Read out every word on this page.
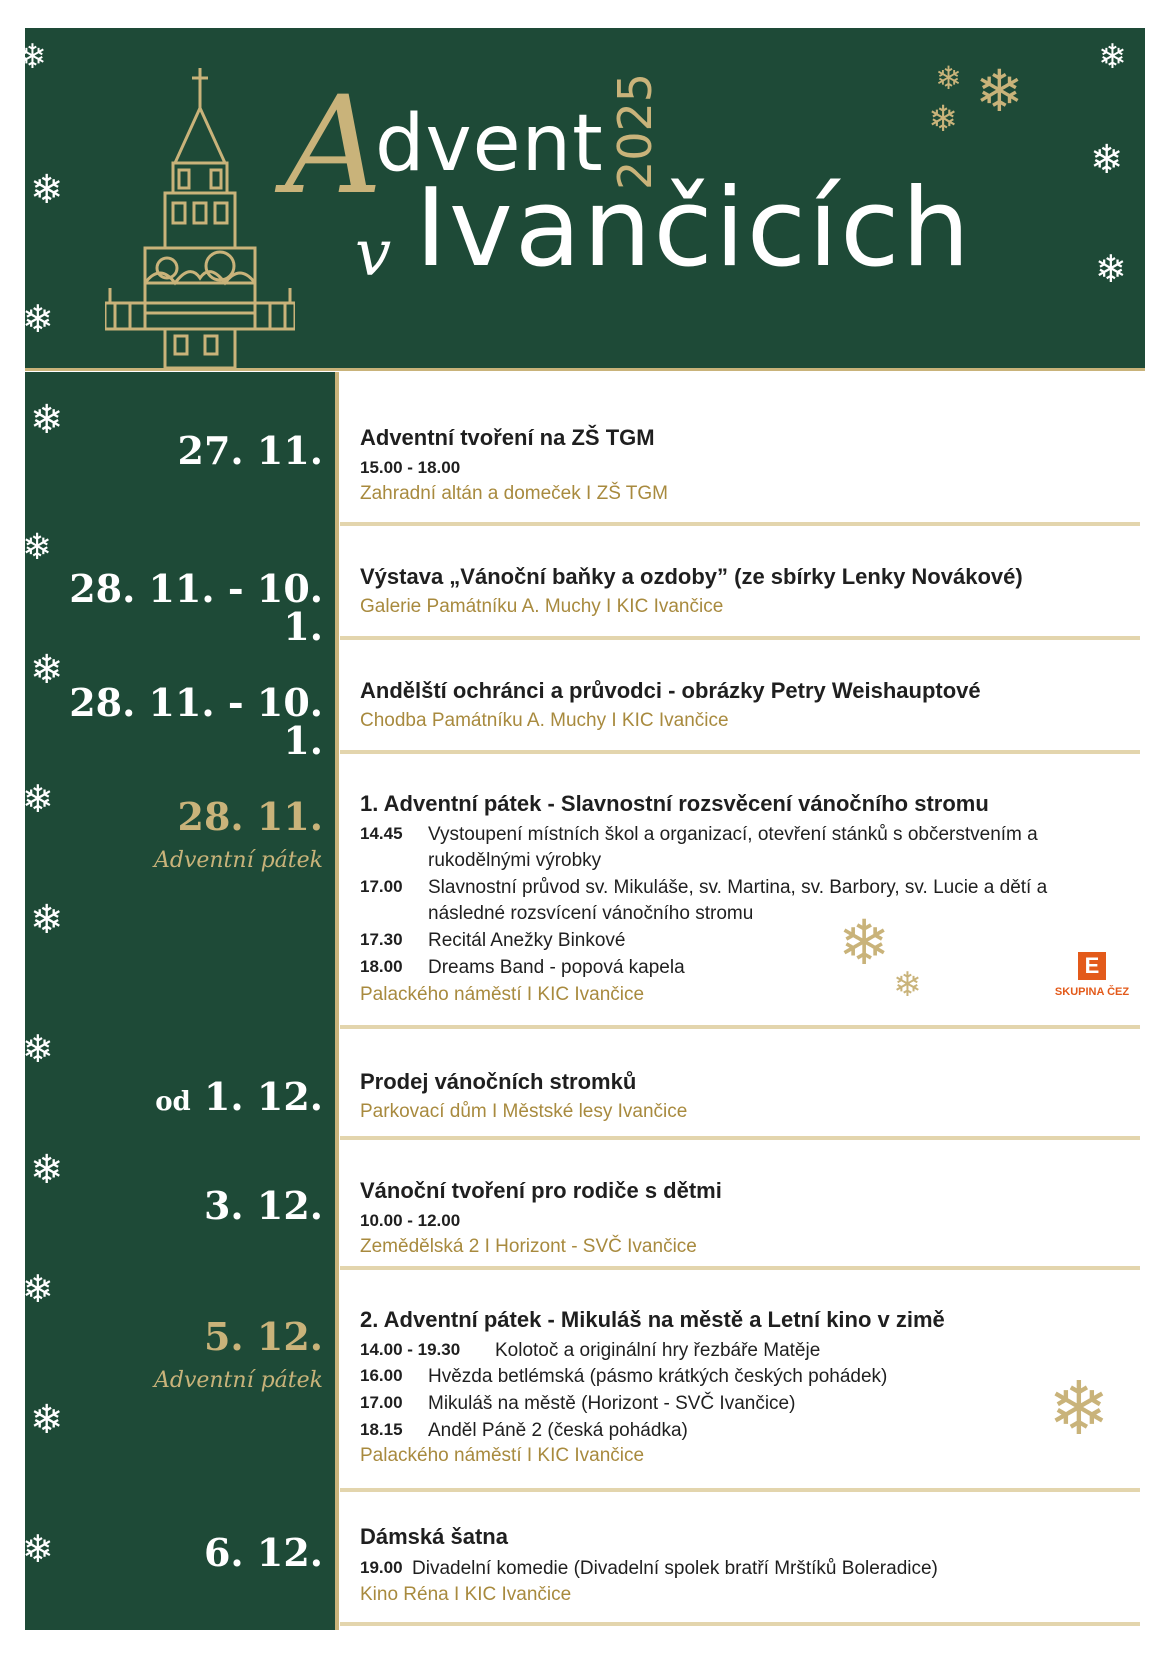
❄
❄
❄
❄
❄
❄
❄
❄
❄
❄
❄
❄
❄
❄
❄
❄
❄ ❄
❄
A
dvent 2025
v Ivančicích
27. 11. Adventní tvoření na ZŠ TGM
15.00 - 18.00
Zahradní altán a domeček I ZŠ TGM
28. 11. - 10. 1.
Výstava „Vánoční baňky a ozdoby” (ze sbírky Lenky Novákové)
Galerie Památníku A. Muchy I KIC Ivančice
28. 11. - 10. 1.
Andělští ochránci a průvodci - obrázky Petry Weishauptové
Chodba Památníku A. Muchy I KIC Ivančice
28. 11.
Adventní pátek
1. Adventní pátek - Slavnostní rozsvěcení vánočního stromu
14.45 Vystoupení místních škol a organizací, otevření stánků s občerstvením a rukodělnými výrobky
17.00 Slavnostní průvod sv. Mikuláše, sv. Martina, sv. Barbory, sv. Lucie a dětí a následné rozsvícení vánočního stromu
17.30 Recitál Anežky Binkové
18.00 Dreams Band - popová kapela
Palackého náměstí I KIC Ivančice
❄
❄	E
SKUPINA ČEZ
od 1. 12. Prodej vánočních stromků
Parkovací dům I Městské lesy Ivančice
3. 12. Vánoční tvoření pro rodiče s dětmi
10.00 - 12.00
Zemědělská 2 I Horizont - SVČ Ivančice
5. 12.
Adventní pátek
2. Adventní pátek - Mikuláš na městě a Letní kino v zimě
14.00 - 19.30 Kolotoč a originální hry řezbáře Matěje
16.00 Hvězda betlémská (pásmo krátkých českých pohádek)
17.00 Mikuláš na městě (Horizont - SVČ Ivančice)
18.15 Anděl Páně 2 (česká pohádka)
Palackého náměstí I KIC Ivančice
❄
6. 12. Dámská šatna
19.00 Divadelní komedie (Divadelní spolek bratří Mrštíků Boleradice)
Kino Réna I KIC Ivančice
